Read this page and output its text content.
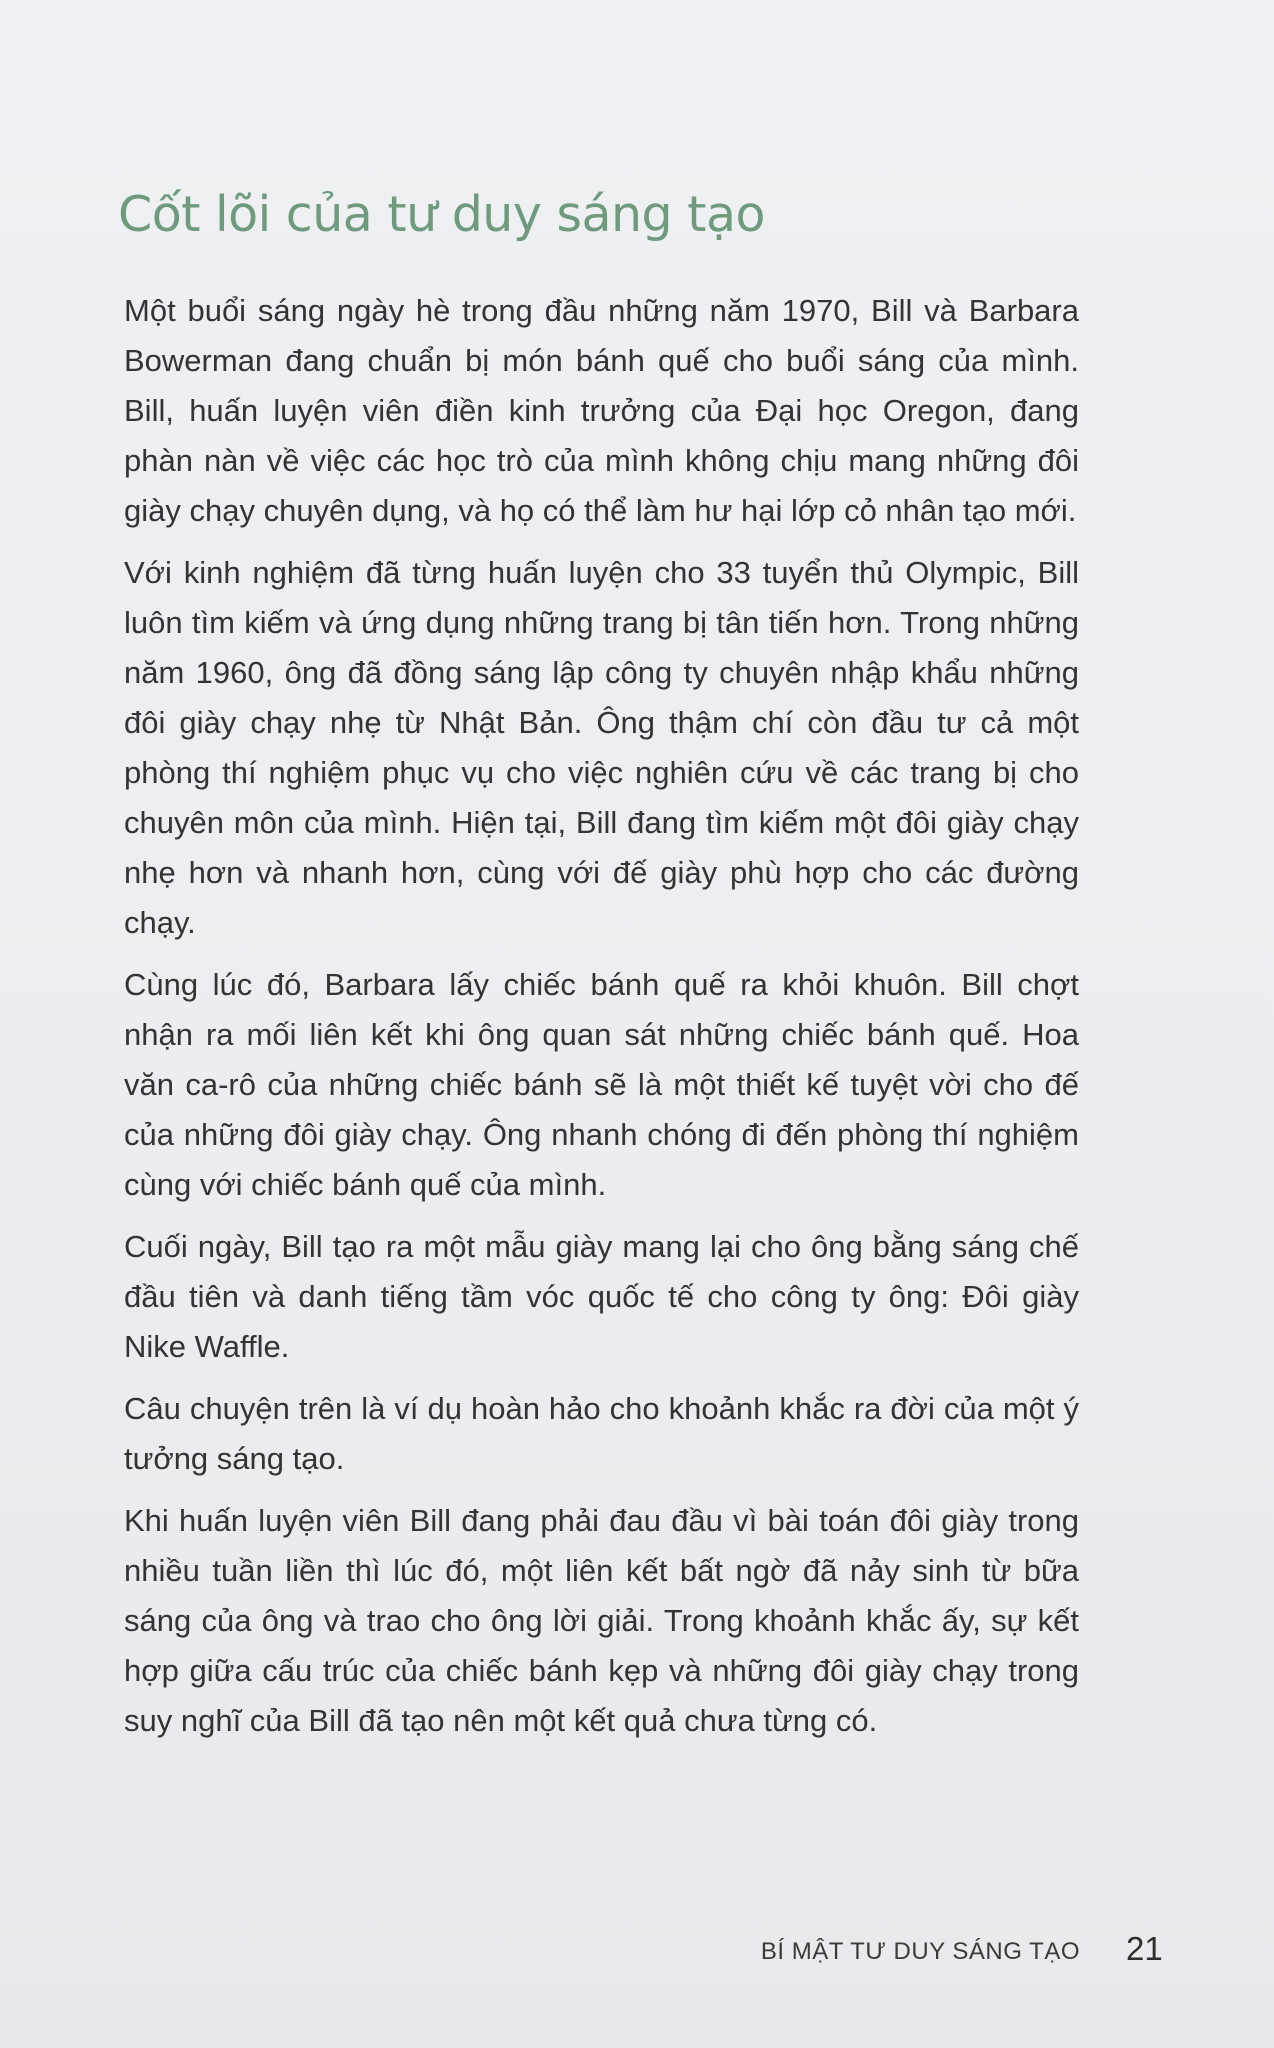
Cốt lõi của tư duy sáng tạo

Một buổi sáng ngày hè trong đầu những năm 1970, Bill và Barbara Bowerman đang chuẩn bị món bánh quế cho buổi sáng của mình. Bill, huấn luyện viên điền kinh trưởng của Đại học Oregon, đang phàn nàn về việc các học trò của mình không chịu mang những đôi giày chạy chuyên dụng, và họ có thể làm hư hại lớp cỏ nhân tạo mới.

Với kinh nghiệm đã từng huấn luyện cho 33 tuyển thủ Olympic, Bill luôn tìm kiếm và ứng dụng những trang bị tân tiến hơn. Trong những năm 1960, ông đã đồng sáng lập công ty chuyên nhập khẩu những đôi giày chạy nhẹ từ Nhật Bản. Ông thậm chí còn đầu tư cả một phòng thí nghiệm phục vụ cho việc nghiên cứu về các trang bị cho chuyên môn của mình. Hiện tại, Bill đang tìm kiếm một đôi giày chạy nhẹ hơn và nhanh hơn, cùng với đế giày phù hợp cho các đường chạy.

Cùng lúc đó, Barbara lấy chiếc bánh quế ra khỏi khuôn. Bill chợt nhận ra mối liên kết khi ông quan sát những chiếc bánh quế. Hoa văn ca-rô của những chiếc bánh sẽ là một thiết kế tuyệt vời cho đế của những đôi giày chạy. Ông nhanh chóng đi đến phòng thí nghiệm cùng với chiếc bánh quế của mình.

Cuối ngày, Bill tạo ra một mẫu giày mang lại cho ông bằng sáng chế đầu tiên và danh tiếng tầm vóc quốc tế cho công ty ông: Đôi giày Nike Waffle.

Câu chuyện trên là ví dụ hoàn hảo cho khoảnh khắc ra đời của một ý tưởng sáng tạo.

Khi huấn luyện viên Bill đang phải đau đầu vì bài toán đôi giày trong nhiều tuần liền thì lúc đó, một liên kết bất ngờ đã nảy sinh từ bữa sáng của ông và trao cho ông lời giải. Trong khoảnh khắc ấy, sự kết hợp giữa cấu trúc của chiếc bánh kẹp và những đôi giày chạy trong suy nghĩ của Bill đã tạo nên một kết quả chưa từng có.

BÍ MẬT TƯ DUY SÁNG TẠO 21
